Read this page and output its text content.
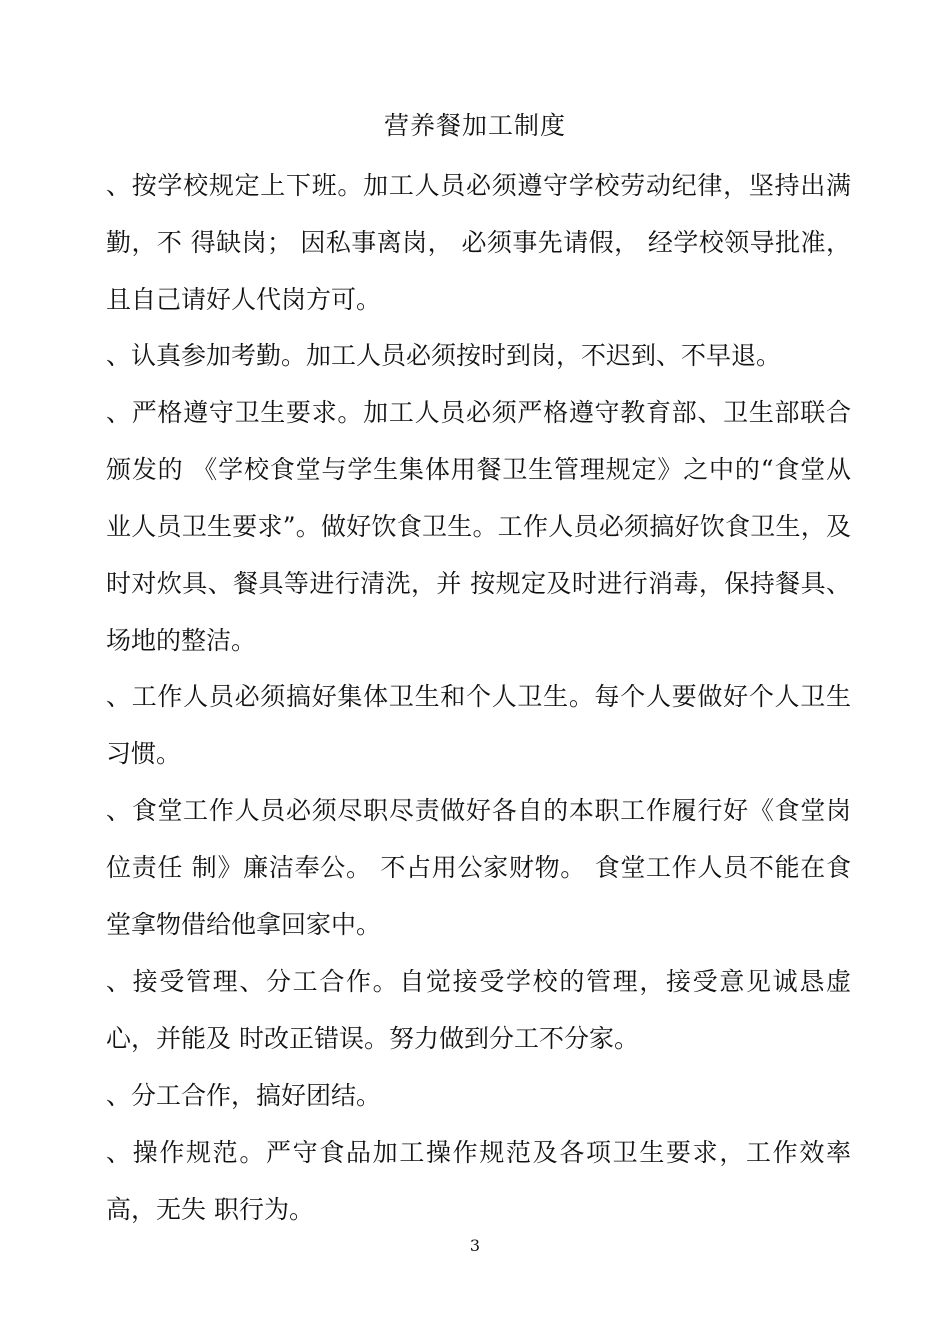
营养餐加工制度

、按学校规定上下班。加工人员必须遵守学校劳动纪律，坚持出满勤，不 得缺岗； 因私事离岗， 必须事先请假， 经学校领导批准，且自己请好人代岗方可。

、认真参加考勤。加工人员必须按时到岗，不迟到、不早退。

、严格遵守卫生要求。加工人员必须严格遵守教育部、卫生部联合颁发的 《学校食堂与学生集体用餐卫生管理规定》之中的“食堂从业人员卫生要求”。做好饮食卫生。工作人员必须搞好饮食卫生，及时对炊具、餐具等进行清洗，并 按规定及时进行消毒，保持餐具、场地的整洁。

、工作人员必须搞好集体卫生和个人卫生。每个人要做好个人卫生习惯。

、食堂工作人员必须尽职尽责做好各自的本职工作履行好《食堂岗位责任 制》廉洁奉公。 不占用公家财物。 食堂工作人员不能在食堂拿物借给他拿回家中。

、接受管理、分工合作。自觉接受学校的管理，接受意见诚恳虚心，并能及 时改正错误。努力做到分工不分家。

、分工合作，搞好团结。

、操作规范。严守食品加工操作规范及各项卫生要求，工作效率高，无失 职行为。

3
